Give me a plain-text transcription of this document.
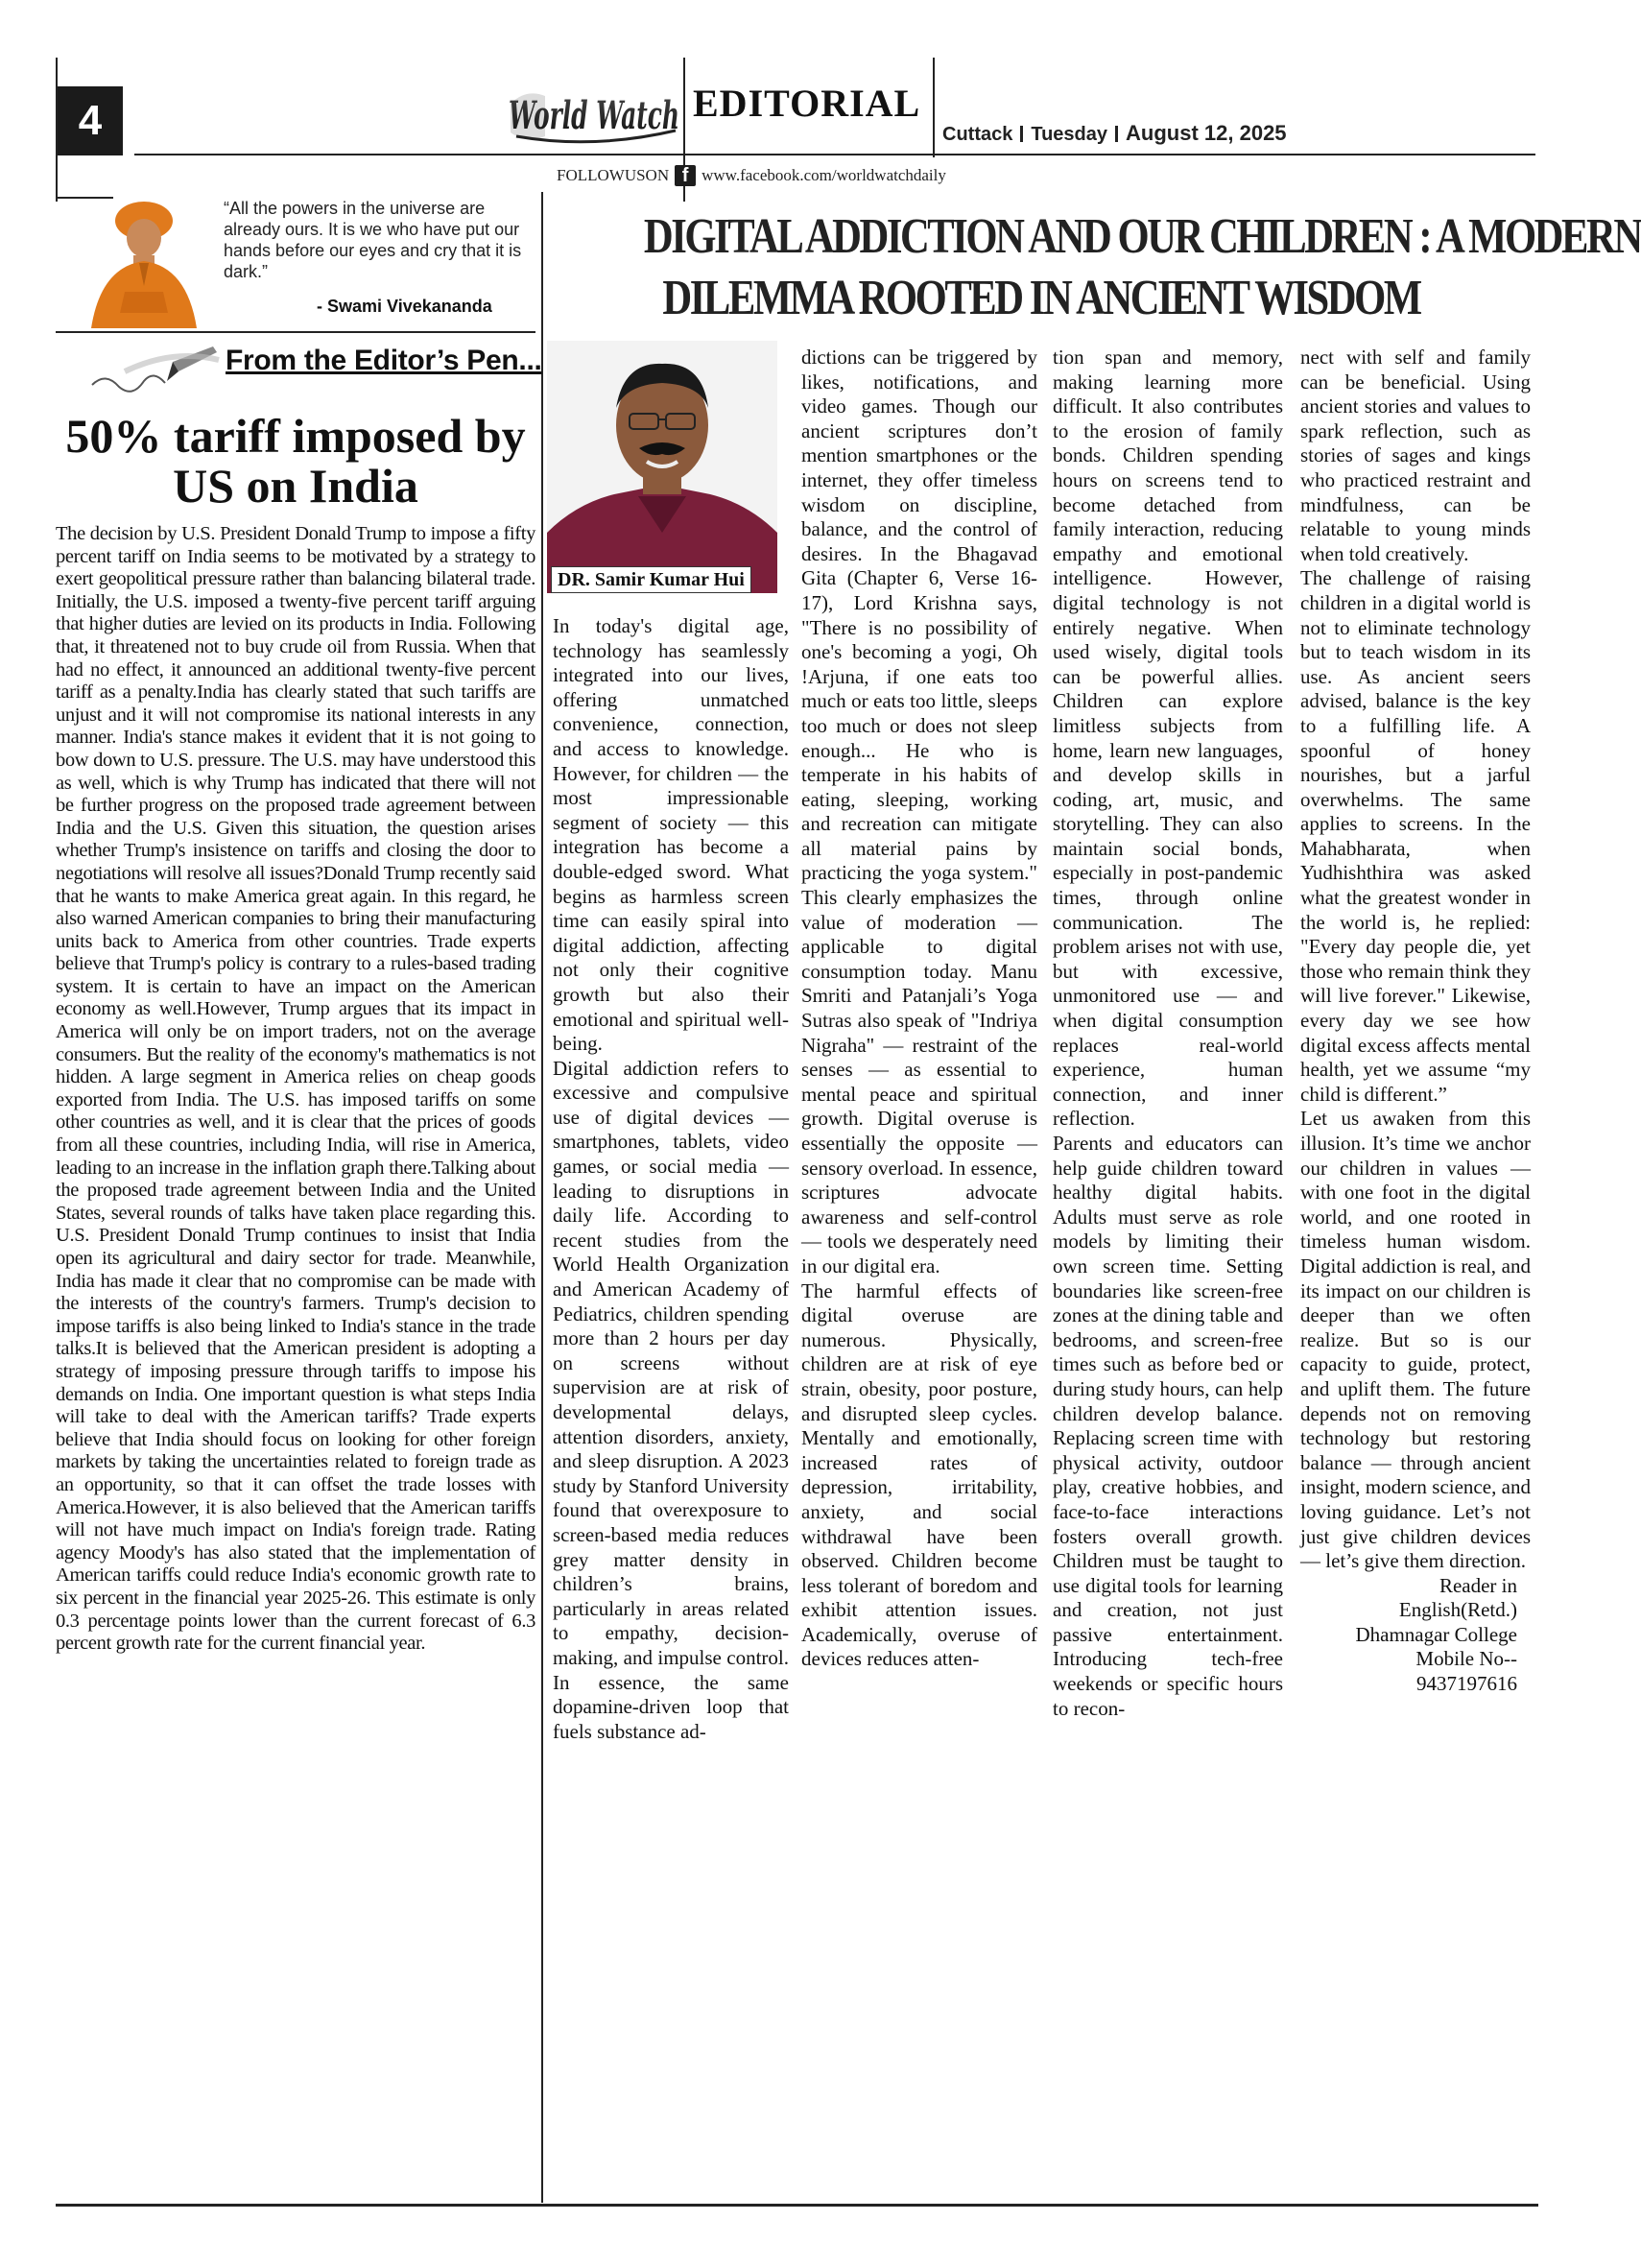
4	World Watch EDITORIAL
Cuttack Tuesday August 12, 2025
FOLLOWUSON f www.facebook.com/worldwatchdaily
“All the powers in the universe are already ours. It is we who have put our hands before our eyes and cry that it is dark.”
- Swami Vivekananda
DIGITAL ADDICTION AND OUR CHILDREN : A MODERN
DILEMMA ROOTED IN ANCIENT WISDOM
From the Editor’s Pen...
50% tariff imposed by US on India
The decision by U.S. President Donald Trump to impose a fifty percent tariff on India seems to be motivated by a strategy to exert geopolitical pressure rather than balancing bilateral trade. Initially, the U.S. imposed a twenty-five percent tariff arguing that higher duties are levied on its products in India. Following that, it threatened not to buy crude oil from Russia. When that had no effect, it announced an additional twenty-five percent tariff as a penalty.India has clearly stated that such tariffs are unjust and it will not compromise its national interests in any manner. India's stance makes it evident that it is not going to bow down to U.S. pressure. The U.S. may have understood this as well, which is why Trump has indicated that there will not be further progress on the proposed trade agreement between India and the U.S. Given this situation, the question arises whether Trump's insistence on tariffs and closing the door to negotiations will resolve all issues?Donald Trump recently said that he wants to make America great again. In this regard, he also warned American companies to bring their manufacturing units back to America from other countries. Trade experts believe that Trump's policy is contrary to a rules-based trading system. It is certain to have an impact on the American economy as well.However, Trump argues that its impact in America will only be on import traders, not on the average consumers. But the reality of the economy's mathematics is not hidden. A large segment in America relies on cheap goods exported from India. The U.S. has imposed tariffs on some other countries as well, and it is clear that the prices of goods from all these countries, including India, will rise in America, leading to an increase in the inflation graph there.Talking about the proposed trade agreement between India and the United States, several rounds of talks have taken place regarding this. U.S. President Donald Trump continues to insist that India open its agricultural and dairy sector for trade. Meanwhile, India has made it clear that no compromise can be made with the interests of the country's farmers. Trump's decision to impose tariffs is also being linked to India's stance in the trade talks.It is believed that the American president is adopting a strategy of imposing pressure through tariffs to impose his demands on India. One important question is what steps India will take to deal with the American tariffs? Trade experts believe that India should focus on looking for other foreign markets by taking the uncertainties related to foreign trade as an opportunity, so that it can offset the trade losses with America.However, it is also believed that the American tariffs will not have much impact on India's foreign trade. Rating agency Moody's has also stated that the implementation of American tariffs could reduce India's economic growth rate to six percent in the financial year 2025-26. This estimate is only 0.3 percentage points lower than the current forecast of 6.3 percent growth rate for the current financial year.
DR. Samir Kumar Hui

In today's digital age, technology has seamlessly integrated into our lives, offering unmatched convenience, connection, and access to knowledge. However, for children — the most impressionable segment of society — this integration has become a double-edged sword. What begins as harmless screen time can easily spiral into digital addiction, affecting not only their cognitive growth but also their emotional and spiritual well-being.

Digital addiction refers to excessive and compulsive use of digital devices — smartphones, tablets, video games, or social media — leading to disruptions in daily life. According to recent studies from the World Health Organization and American Academy of Pediatrics, children spending more than 2 hours per day on screens without supervision are at risk of developmental delays, attention disorders, anxiety, and sleep disruption. A 2023 study by Stanford University found that overexposure to screen-based media reduces grey matter density in children’s brains, particularly in areas related to empathy, decision-making, and impulse control. In essence, the same dopamine-driven loop that fuels substance ad-

dictions can be triggered by likes, notifications, and video games. Though our ancient scriptures don’t mention smartphones or the internet, they offer timeless wisdom on discipline, balance, and the control of desires. In the Bhagavad Gita (Chapter 6, Verse 16-17), Lord Krishna says, "There is no possibility of one's becoming a yogi, Oh !Arjuna, if one eats too much or eats too little, sleeps too much or does not sleep enough... He who is temperate in his habits of eating, sleeping, working and recreation can mitigate all material pains by practicing the yoga system." This clearly emphasizes the value of moderation — applicable to digital consumption today. Manu Smriti and Patanjali’s Yoga Sutras also speak of "Indriya Nigraha" — restraint of the senses — as essential to mental peace and spiritual growth. Digital overuse is essentially the opposite — sensory overload. In essence, scriptures advocate awareness and self-control — tools we desperately need in our digital era.

The harmful effects of digital overuse are numerous. Physically, children are at risk of eye strain, obesity, poor posture, and disrupted sleep cycles. Mentally and emotionally, increased rates of depression, irritability, anxiety, and social withdrawal have been observed. Children become less tolerant of boredom and exhibit attention issues. Academically, overuse of devices reduces atten-

tion span and memory, making learning more difficult. It also contributes to the erosion of family bonds. Children spending hours on screens tend to become detached from family interaction, reducing empathy and emotional intelligence. However, digital technology is not entirely negative. When used wisely, digital tools can be powerful allies. Children can explore limitless subjects from home, learn new languages, and develop skills in coding, art, music, and storytelling. They can also maintain social bonds, especially in post-pandemic times, through online communication. The problem arises not with use, but with excessive, unmonitored use — and when digital consumption replaces real-world experience, human connection, and inner reflection.

Parents and educators can help guide children toward healthy digital habits. Adults must serve as role models by limiting their own screen time. Setting boundaries like screen-free zones at the dining table and bedrooms, and screen-free times such as before bed or during study hours, can help children develop balance. Replacing screen time with physical activity, outdoor play, creative hobbies, and face-to-face interactions fosters overall growth. Children must be taught to use digital tools for learning and creation, not just passive entertainment. Introducing tech-free weekends or specific hours to recon-

nect with self and family can be beneficial. Using ancient stories and values to spark reflection, such as stories of sages and kings who practiced restraint and mindfulness, can be relatable to young minds when told creatively.

The challenge of raising children in a digital world is not to eliminate technology but to teach wisdom in its use. As ancient seers advised, balance is the key to a fulfilling life. A spoonful of honey nourishes, but a jarful overwhelms. The same applies to screens. In the Mahabharata, when Yudhishthira was asked what the greatest wonder in the world is, he replied: "Every day people die, yet those who remain think they will live forever." Likewise, every day we see how digital excess affects mental health, yet we assume “my child is different.”

Let us awaken from this illusion. It’s time we anchor our children in values — with one foot in the digital world, and one rooted in timeless human wisdom. Digital addiction is real, and its impact on our children is deeper than we often realize. But so is our capacity to guide, protect, and uplift them. The future depends not on removing technology but restoring balance — through ancient insight, modern science, and loving guidance. Let’s not just give children devices — let’s give them direction.

Reader in
English(Retd.)
Dhamnagar College
Mobile No--
9437197616
